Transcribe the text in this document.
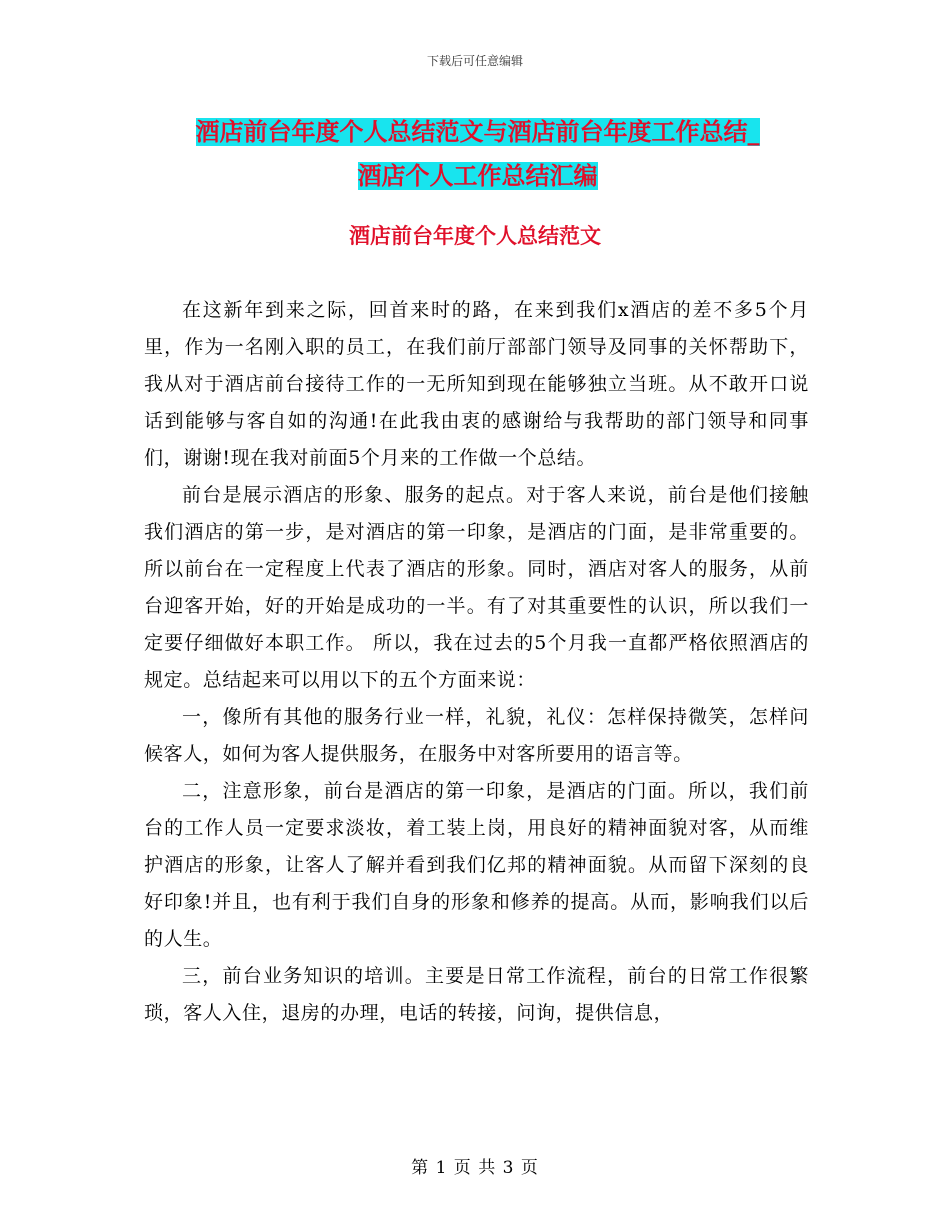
下载后可任意编辑
酒店前台年度个人总结范文与酒店前台年度工作总结_
酒店个人工作总结汇编
酒店前台年度个人总结范文

在这新年到来之际，回首来时的路，在来到我们x酒店的差不多5个月里，作为一名刚入职的员工，在我们前厅部部门领导及同事的关怀帮助下，我从对于酒店前台接待工作的一无所知到现在能够独立当班。从不敢开口说话到能够与客自如的沟通!在此我由衷的感谢给与我帮助的部门领导和同事们，谢谢!现在我对前面5个月来的工作做一个总结。

前台是展示酒店的形象、服务的起点。对于客人来说，前台是他们接触我们酒店的第一步，是对酒店的第一印象，是酒店的门面，是非常重要的。所以前台在一定程度上代表了酒店的形象。同时，酒店对客人的服务，从前台迎客开始，好的开始是成功的一半。有了对其重要性的认识，所以我们一定要仔细做好本职工作。 所以，我在过去的5个月我一直都严格依照酒店的规定。总结起来可以用以下的五个方面来说：

一，像所有其他的服务行业一样，礼貌，礼仪：怎样保持微笑，怎样问候客人，如何为客人提供服务，在服务中对客所要用的语言等。

二，注意形象，前台是酒店的第一印象，是酒店的门面。所以，我们前台的工作人员一定要求淡妆，着工装上岗，用良好的精神面貌对客，从而维护酒店的形象，让客人了解并看到我们亿邦的精神面貌。从而留下深刻的良好印象!并且，也有利于我们自身的形象和修养的提高。从而，影响我们以后的人生。

三，前台业务知识的培训。主要是日常工作流程，前台的日常工作很繁琐，客人入住，退房的办理，电话的转接，问询，提供信息，

第 1 页 共 3 页
